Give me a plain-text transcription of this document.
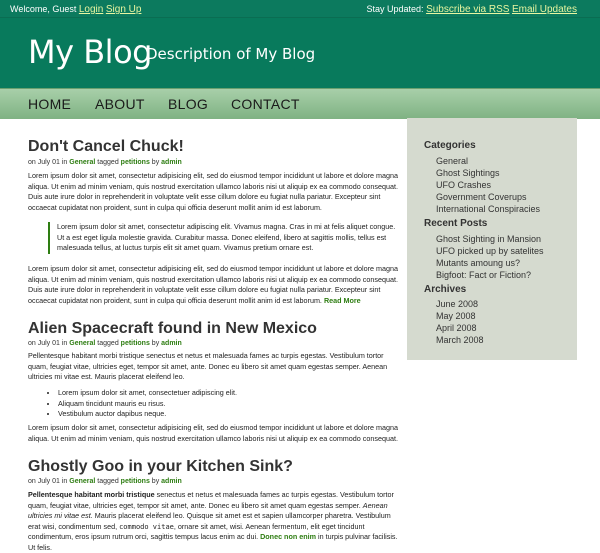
Welcome, Guest Login Sign Up	Stay Updated: Subscribe via RSS Email Updates
My Blog
Description of My Blog
HOME ABOUT BLOG CONTACT
Don't Cancel Chuck!
on July 01 in General tagged petitions by admin

Lorem ipsum dolor sit amet, consectetur adipisicing elit, sed do eiusmod tempor incididunt ut labore et dolore magna aliqua. Ut enim ad minim veniam, quis nostrud exercitation ullamco laboris nisi ut aliquip ex ea commodo consequat. Duis aute irure dolor in reprehenderit in voluptate velit esse cillum dolore eu fugiat nulla pariatur. Excepteur sint occaecat cupidatat non proident, sunt in culpa qui officia deserunt mollit anim id est laborum.

Lorem ipsum dolor sit amet, consectetur adipiscing elit. Vivamus magna. Cras in mi at felis aliquet congue. Ut a est eget ligula molestie gravida. Curabitur massa. Donec eleifend, libero at sagittis mollis, tellus est malesuada tellus, at luctus turpis elit sit amet quam. Vivamus pretium ornare est.

Lorem ipsum dolor sit amet, consectetur adipisicing elit, sed do eiusmod tempor incididunt ut labore et dolore magna aliqua. Ut enim ad minim veniam, quis nostrud exercitation ullamco laboris nisi ut aliquip ex ea commodo consequat. Duis aute irure dolor in reprehenderit in voluptate velit esse cillum dolore eu fugiat nulla pariatur. Excepteur sint occaecat cupidatat non proident, sunt in culpa qui officia deserunt mollit anim id est laborum. Read More

Alien Spacecraft found in New Mexico
on July 01 in General tagged petitions by admin

Pellentesque habitant morbi tristique senectus et netus et malesuada fames ac turpis egestas. Vestibulum tortor quam, feugiat vitae, ultricies eget, tempor sit amet, ante. Donec eu libero sit amet quam egestas semper. Aenean ultricies mi vitae est. Mauris placerat eleifend leo.

• Lorem ipsum dolor sit amet, consectetuer adipiscing elit.
• Aliquam tincidunt mauris eu risus.
• Vestibulum auctor dapibus neque.

Lorem ipsum dolor sit amet, consectetur adipisicing elit, sed do eiusmod tempor incididunt ut labore et dolore magna aliqua. Ut enim ad minim veniam, quis nostrud exercitation ullamco laboris nisi ut aliquip ex ea commodo consequat.

Ghostly Goo in your Kitchen Sink?
on July 01 in General tagged petitions by admin

Pellentesque habitant morbi tristique senectus et netus et malesuada fames ac turpis egestas. Vestibulum tortor quam, feugiat vitae, ultricies eget, tempor sit amet, ante. Donec eu libero sit amet quam egestas semper. Aenean ultricies mi vitae est. Mauris placerat eleifend leo. Quisque sit amet est et sapien ullamcorper pharetra. Vestibulum erat wisi, condimentum sed, commodo vitae, ornare sit amet, wisi. Aenean fermentum, elit eget tincidunt condimentum, eros ipsum rutrum orci, sagittis tempus lacus enim ac dui. Donec non enim in turpis pulvinar facilisis. Ut felis.

Categories
General
Ghost Sightings
UFO Crashes
Government Coverups
International Conspiracies
Recent Posts
Ghost Sighting in Mansion
UFO picked up by satelites
Mutants amoung us?
Bigfoot: Fact or Fiction?
Archives
June 2008
May 2008
April 2008
March 2008
